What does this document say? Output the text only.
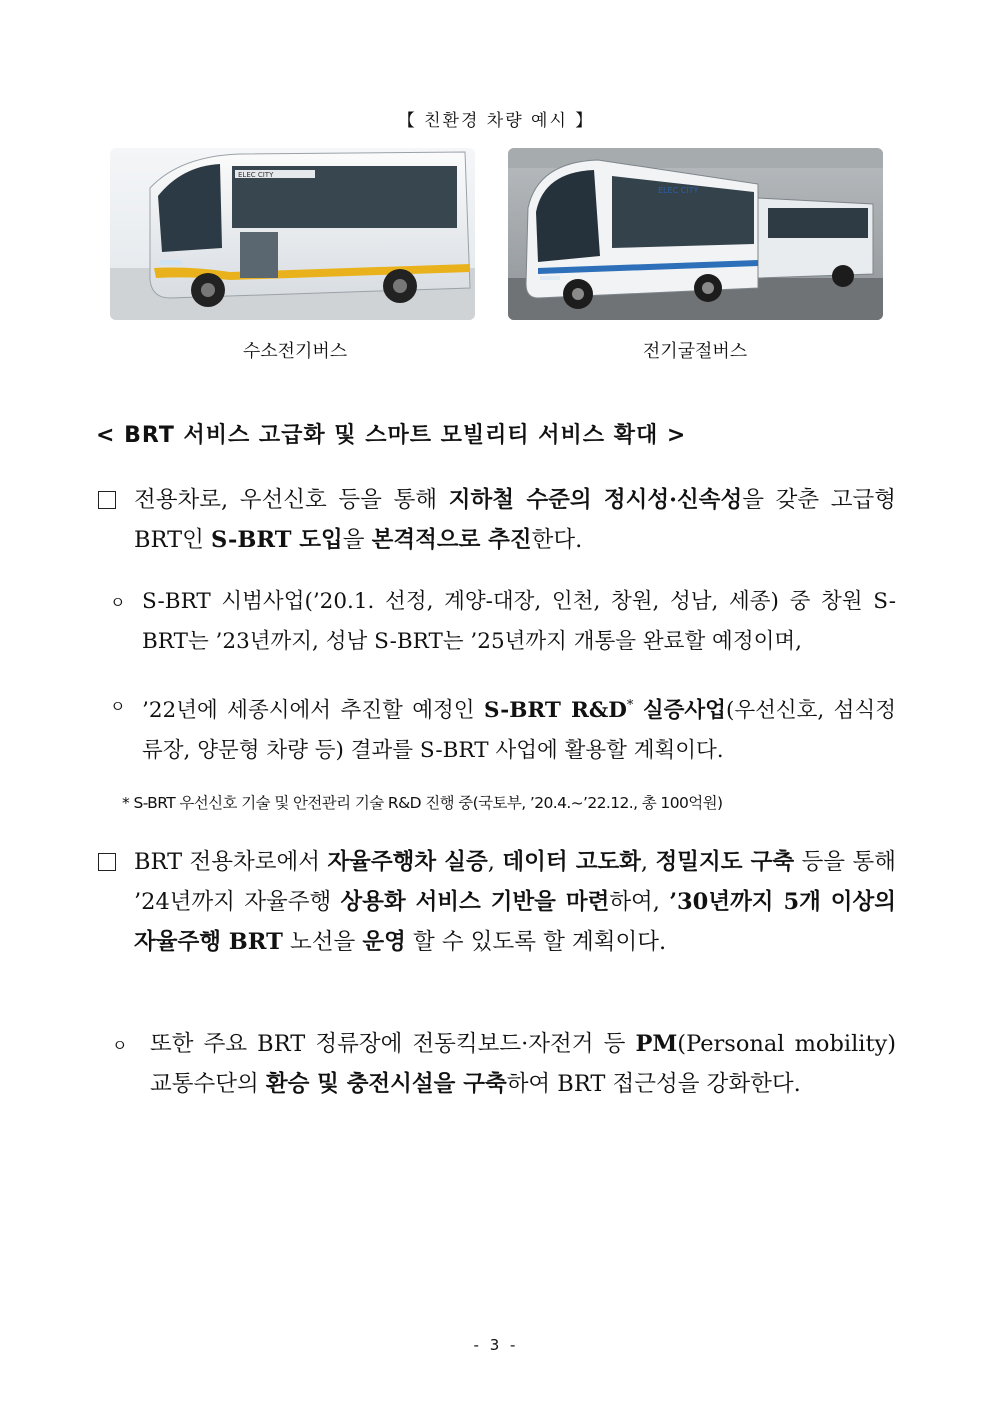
【 친환경 차량 예시 】
ELEC CITY
ELEC CITY
수소전기버스	전기굴절버스
< BRT 서비스 고급화 및 스마트 모빌리티 서비스 확대 >
전용차로, 우선신호 등을 통해 지하철 수준의 정시성·신속성을 갖춘 고급형 BRT인 S-BRT 도입을 본격적으로 추진한다.
ㅇ S-BRT 시범사업(’20.1. 선정, 계양-대장, 인천, 창원, 성남, 세종) 중 창원 S-BRT는 ’23년까지, 성남 S-BRT는 ’25년까지 개통을 완료할 예정이며,
ㅇ ’22년에 세종시에서 추진할 예정인 S-BRT R&D* 실증사업(우선신호, 섬식정류장, 양문형 차량 등) 결과를 S-BRT 사업에 활용할 계획이다.
* S-BRT 우선신호 기술 및 안전관리 기술 R&D 진행 중(국토부, ’20.4.~’22.12., 총 100억원)
BRT 전용차로에서 자율주행차 실증, 데이터 고도화, 정밀지도 구축 등을 통해 ’24년까지 자율주행 상용화 서비스 기반을 마련하여, ’30년까지 5개 이상의 자율주행 BRT 노선을 운영 할 수 있도록 할 계획이다.
ㅇ 또한 주요 BRT 정류장에 전동킥보드·자전거 등 PM(Personal mobility) 교통수단의 환승 및 충전시설을 구축하여 BRT 접근성을 강화한다.
- 3 -
